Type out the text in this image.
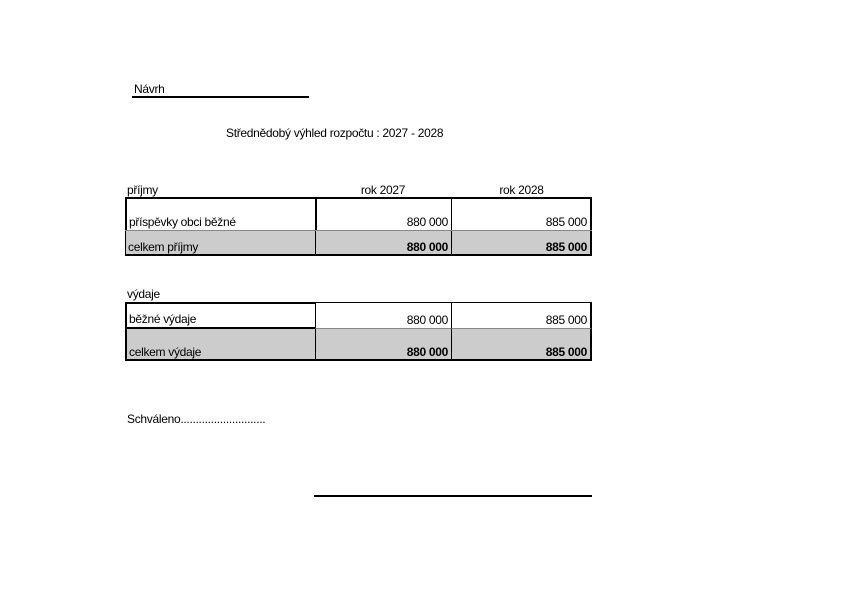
Návrh
Střednědobý výhled rozpočtu : 2027 - 2028
příjmy	rok 2027	rok 2028
příspěvky obci běžné	880 000	885 000
celkem příjmy	880 000	885 000
výdaje
běžné výdaje	880 000	885 000
celkem výdaje	880 000	885 000
Schváleno............................
